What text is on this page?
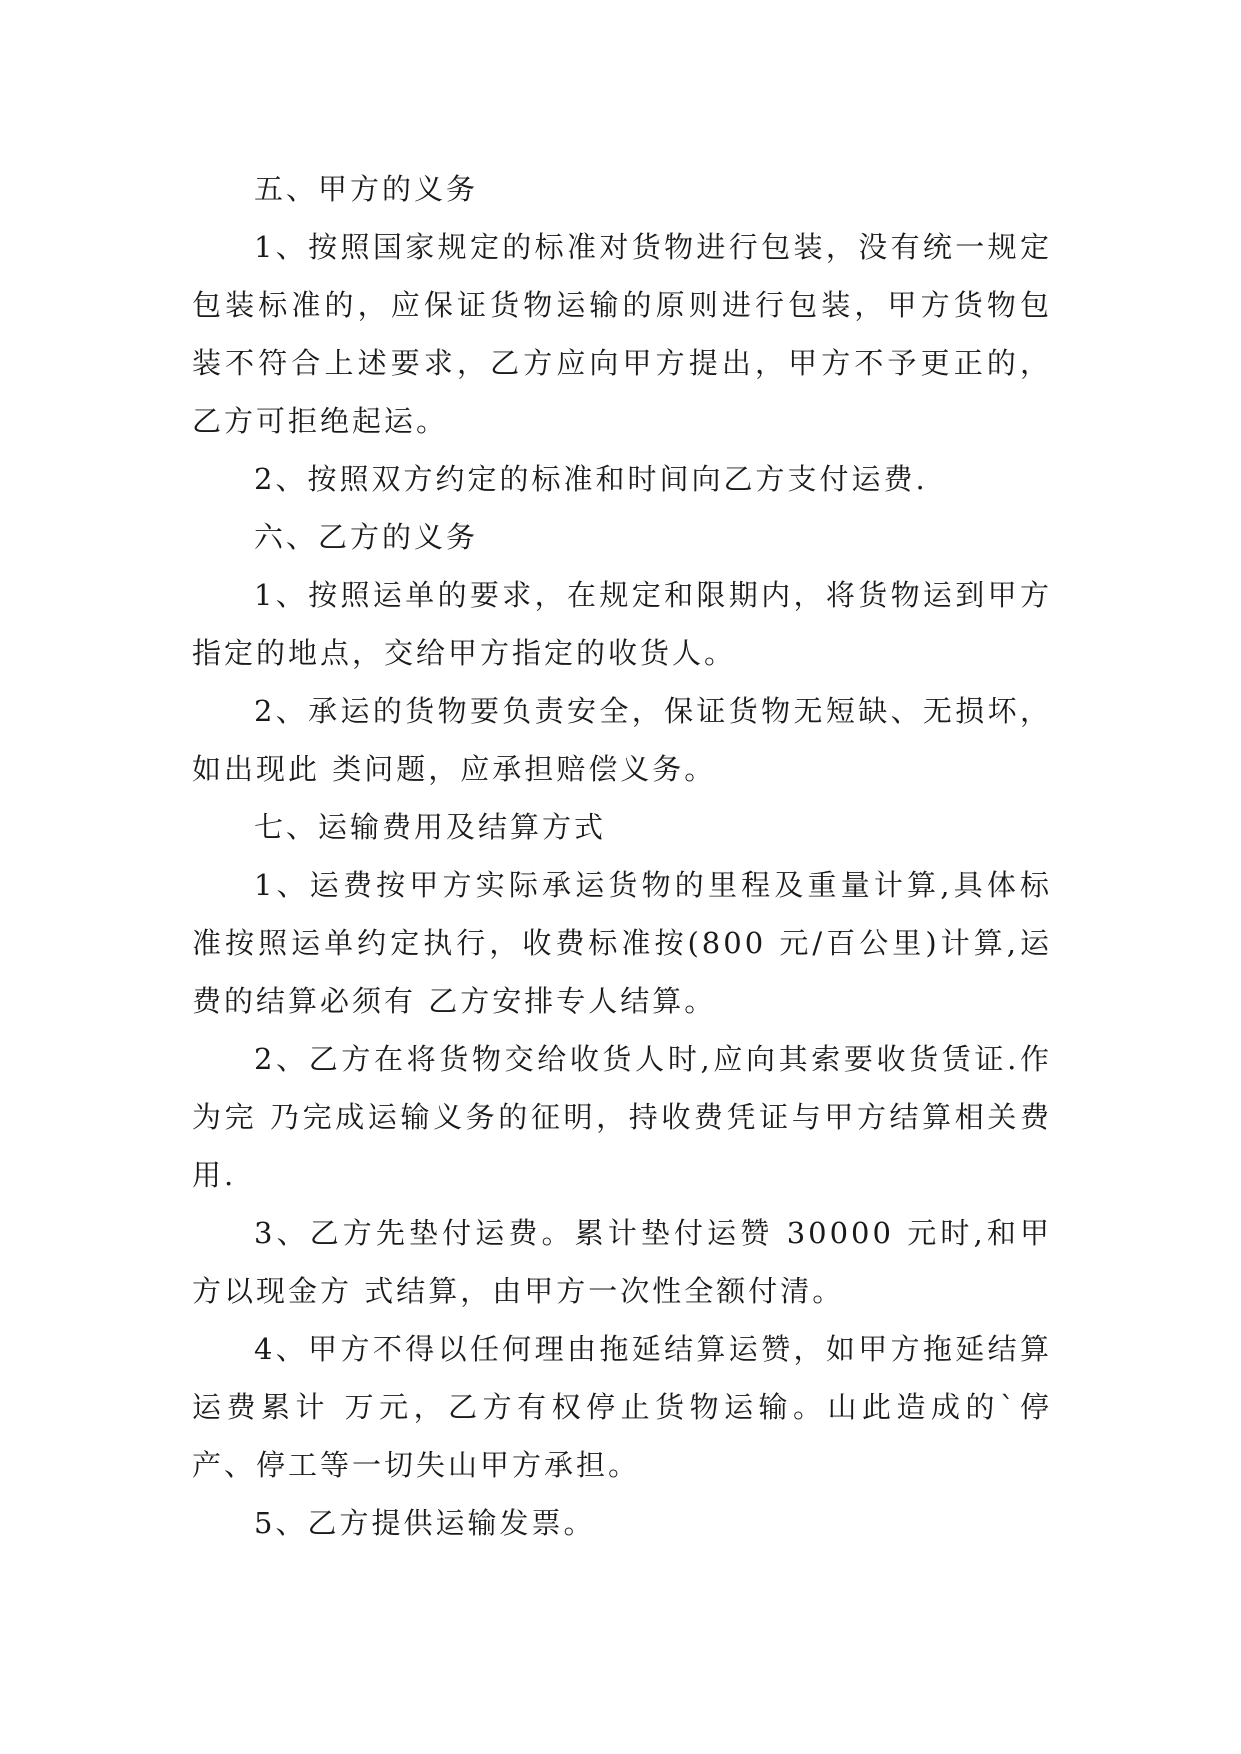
五、甲方的义务

1、按照国家规定的标准对货物进行包装，没有统一规定包装标准的，应保证货物运输的原则进行包装，甲方货物包装不符合上述要求，乙方应向甲方提出，甲方不予更正的，乙方可拒绝起运。

2、按照双方约定的标准和时间向乙方支付运费.

六、乙方的义务

1、按照运单的要求，在规定和限期内，将货物运到甲方指定的地点，交给甲方指定的收货人。

2、承运的货物要负责安全，保证货物无短缺、无损坏，如出现此 类问题，应承担赔偿义务。

七、运输费用及结算方式

1、运费按甲方实际承运货物的里程及重量计算,具体标准按照运单约定执行，收费标准按(800 元/百公里)计算,运费的结算必须有 乙方安排专人结算。

2、乙方在将货物交给收货人时,应向其索要收货赁证.作为完 乃完成运输义务的征明，持收费凭证与甲方结算相关费用.

3、乙方先垫付运费。累计垫付运赞 30000 元时,和甲方以现金方 式结算，由甲方一次性全额付清。

4、甲方不得以任何理由拖延结算运赞，如甲方拖延结算运费累计 万元，乙方有权停止货物运输。山此造成的`停产、停工等一切失山甲方承担。

5、乙方提供运输发票。
